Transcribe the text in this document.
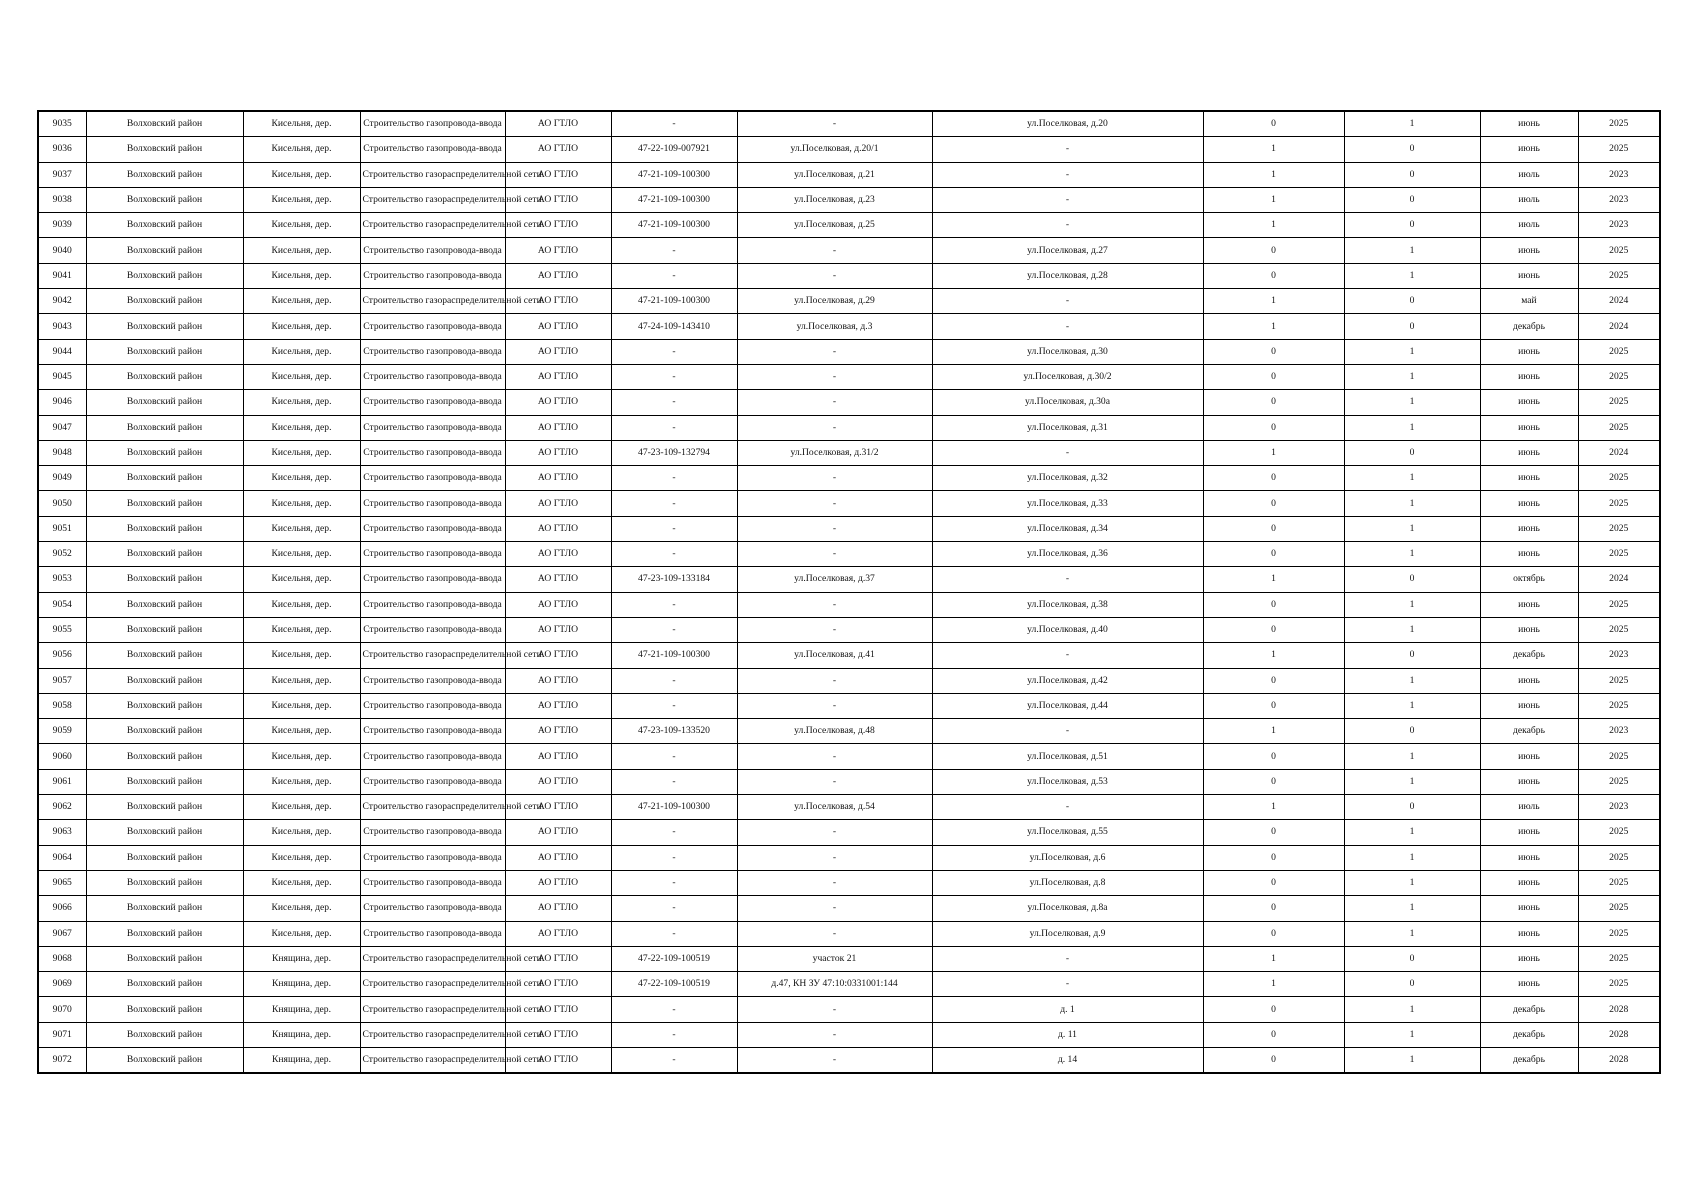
9035	Волховский район	Кисельня, дер.	Строительство газопровода-ввода	АО ГТЛО	-	-	ул.Поселковая, д.20	0	1	июнь	2025
9036	Волховский район	Кисельня, дер.	Строительство газопровода-ввода	АО ГТЛО	47-22-109-007921	ул.Поселковая, д.20/1	-	1	0	июнь	2025
9037	Волховский район	Кисельня, дер.	Строительство газораспределительной сети	АО ГТЛО	47-21-109-100300	ул.Поселковая, д.21	-	1	0	июль	2023
9038	Волховский район	Кисельня, дер.	Строительство газораспределительной сети	АО ГТЛО	47-21-109-100300	ул.Поселковая, д.23	-	1	0	июль	2023
9039	Волховский район	Кисельня, дер.	Строительство газораспределительной сети	АО ГТЛО	47-21-109-100300	ул.Поселковая, д.25	-	1	0	июль	2023
9040	Волховский район	Кисельня, дер.	Строительство газопровода-ввода	АО ГТЛО	-	-	ул.Поселковая, д.27	0	1	июнь	2025
9041	Волховский район	Кисельня, дер.	Строительство газопровода-ввода	АО ГТЛО	-	-	ул.Поселковая, д.28	0	1	июнь	2025
9042	Волховский район	Кисельня, дер.	Строительство газораспределительной сети	АО ГТЛО	47-21-109-100300	ул.Поселковая, д.29	-	1	0	май	2024
9043	Волховский район	Кисельня, дер.	Строительство газопровода-ввода	АО ГТЛО	47-24-109-143410	ул.Поселковая, д.3	-	1	0	декабрь	2024
9044	Волховский район	Кисельня, дер.	Строительство газопровода-ввода	АО ГТЛО	-	-	ул.Поселковая, д.30	0	1	июнь	2025
9045	Волховский район	Кисельня, дер.	Строительство газопровода-ввода	АО ГТЛО	-	-	ул.Поселковая, д.30/2	0	1	июнь	2025
9046	Волховский район	Кисельня, дер.	Строительство газопровода-ввода	АО ГТЛО	-	-	ул.Поселковая, д.30а	0	1	июнь	2025
9047	Волховский район	Кисельня, дер.	Строительство газопровода-ввода	АО ГТЛО	-	-	ул.Поселковая, д.31	0	1	июнь	2025
9048	Волховский район	Кисельня, дер.	Строительство газопровода-ввода	АО ГТЛО	47-23-109-132794	ул.Поселковая, д.31/2	-	1	0	июнь	2024
9049	Волховский район	Кисельня, дер.	Строительство газопровода-ввода	АО ГТЛО	-	-	ул.Поселковая, д.32	0	1	июнь	2025
9050	Волховский район	Кисельня, дер.	Строительство газопровода-ввода	АО ГТЛО	-	-	ул.Поселковая, д.33	0	1	июнь	2025
9051	Волховский район	Кисельня, дер.	Строительство газопровода-ввода	АО ГТЛО	-	-	ул.Поселковая, д.34	0	1	июнь	2025
9052	Волховский район	Кисельня, дер.	Строительство газопровода-ввода	АО ГТЛО	-	-	ул.Поселковая, д.36	0	1	июнь	2025
9053	Волховский район	Кисельня, дер.	Строительство газопровода-ввода	АО ГТЛО	47-23-109-133184	ул.Поселковая, д.37	-	1	0	октябрь	2024
9054	Волховский район	Кисельня, дер.	Строительство газопровода-ввода	АО ГТЛО	-	-	ул.Поселковая, д.38	0	1	июнь	2025
9055	Волховский район	Кисельня, дер.	Строительство газопровода-ввода	АО ГТЛО	-	-	ул.Поселковая, д.40	0	1	июнь	2025
9056	Волховский район	Кисельня, дер.	Строительство газораспределительной сети	АО ГТЛО	47-21-109-100300	ул.Поселковая, д.41	-	1	0	декабрь	2023
9057	Волховский район	Кисельня, дер.	Строительство газопровода-ввода	АО ГТЛО	-	-	ул.Поселковая, д.42	0	1	июнь	2025
9058	Волховский район	Кисельня, дер.	Строительство газопровода-ввода	АО ГТЛО	-	-	ул.Поселковая, д.44	0	1	июнь	2025
9059	Волховский район	Кисельня, дер.	Строительство газопровода-ввода	АО ГТЛО	47-23-109-133520	ул.Поселковая, д.48	-	1	0	декабрь	2023
9060	Волховский район	Кисельня, дер.	Строительство газопровода-ввода	АО ГТЛО	-	-	ул.Поселковая, д.51	0	1	июнь	2025
9061	Волховский район	Кисельня, дер.	Строительство газопровода-ввода	АО ГТЛО	-	-	ул.Поселковая, д.53	0	1	июнь	2025
9062	Волховский район	Кисельня, дер.	Строительство газораспределительной сети	АО ГТЛО	47-21-109-100300	ул.Поселковая, д.54	-	1	0	июль	2023
9063	Волховский район	Кисельня, дер.	Строительство газопровода-ввода	АО ГТЛО	-	-	ул.Поселковая, д.55	0	1	июнь	2025
9064	Волховский район	Кисельня, дер.	Строительство газопровода-ввода	АО ГТЛО	-	-	ул.Поселковая, д.6	0	1	июнь	2025
9065	Волховский район	Кисельня, дер.	Строительство газопровода-ввода	АО ГТЛО	-	-	ул.Поселковая, д.8	0	1	июнь	2025
9066	Волховский район	Кисельня, дер.	Строительство газопровода-ввода	АО ГТЛО	-	-	ул.Поселковая, д.8а	0	1	июнь	2025
9067	Волховский район	Кисельня, дер.	Строительство газопровода-ввода	АО ГТЛО	-	-	ул.Поселковая, д.9	0	1	июнь	2025
9068	Волховский район	Княщина, дер.	Строительство газораспределительной сети	АО ГТЛО	47-22-109-100519	участок 21	-	1	0	июнь	2025
9069	Волховский район	Княщина, дер.	Строительство газораспределительной сети	АО ГТЛО	47-22-109-100519	д.47, КН ЗУ 47:10:0331001:144	-	1	0	июнь	2025
9070	Волховский район	Княщина, дер.	Строительство газораспределительной сети	АО ГТЛО	-	-	д. 1	0	1	декабрь	2028
9071	Волховский район	Княщина, дер.	Строительство газораспределительной сети	АО ГТЛО	-	-	д. 11	0	1	декабрь	2028
9072	Волховский район	Княщина, дер.	Строительство газораспределительной сети	АО ГТЛО	-	-	д. 14	0	1	декабрь	2028
